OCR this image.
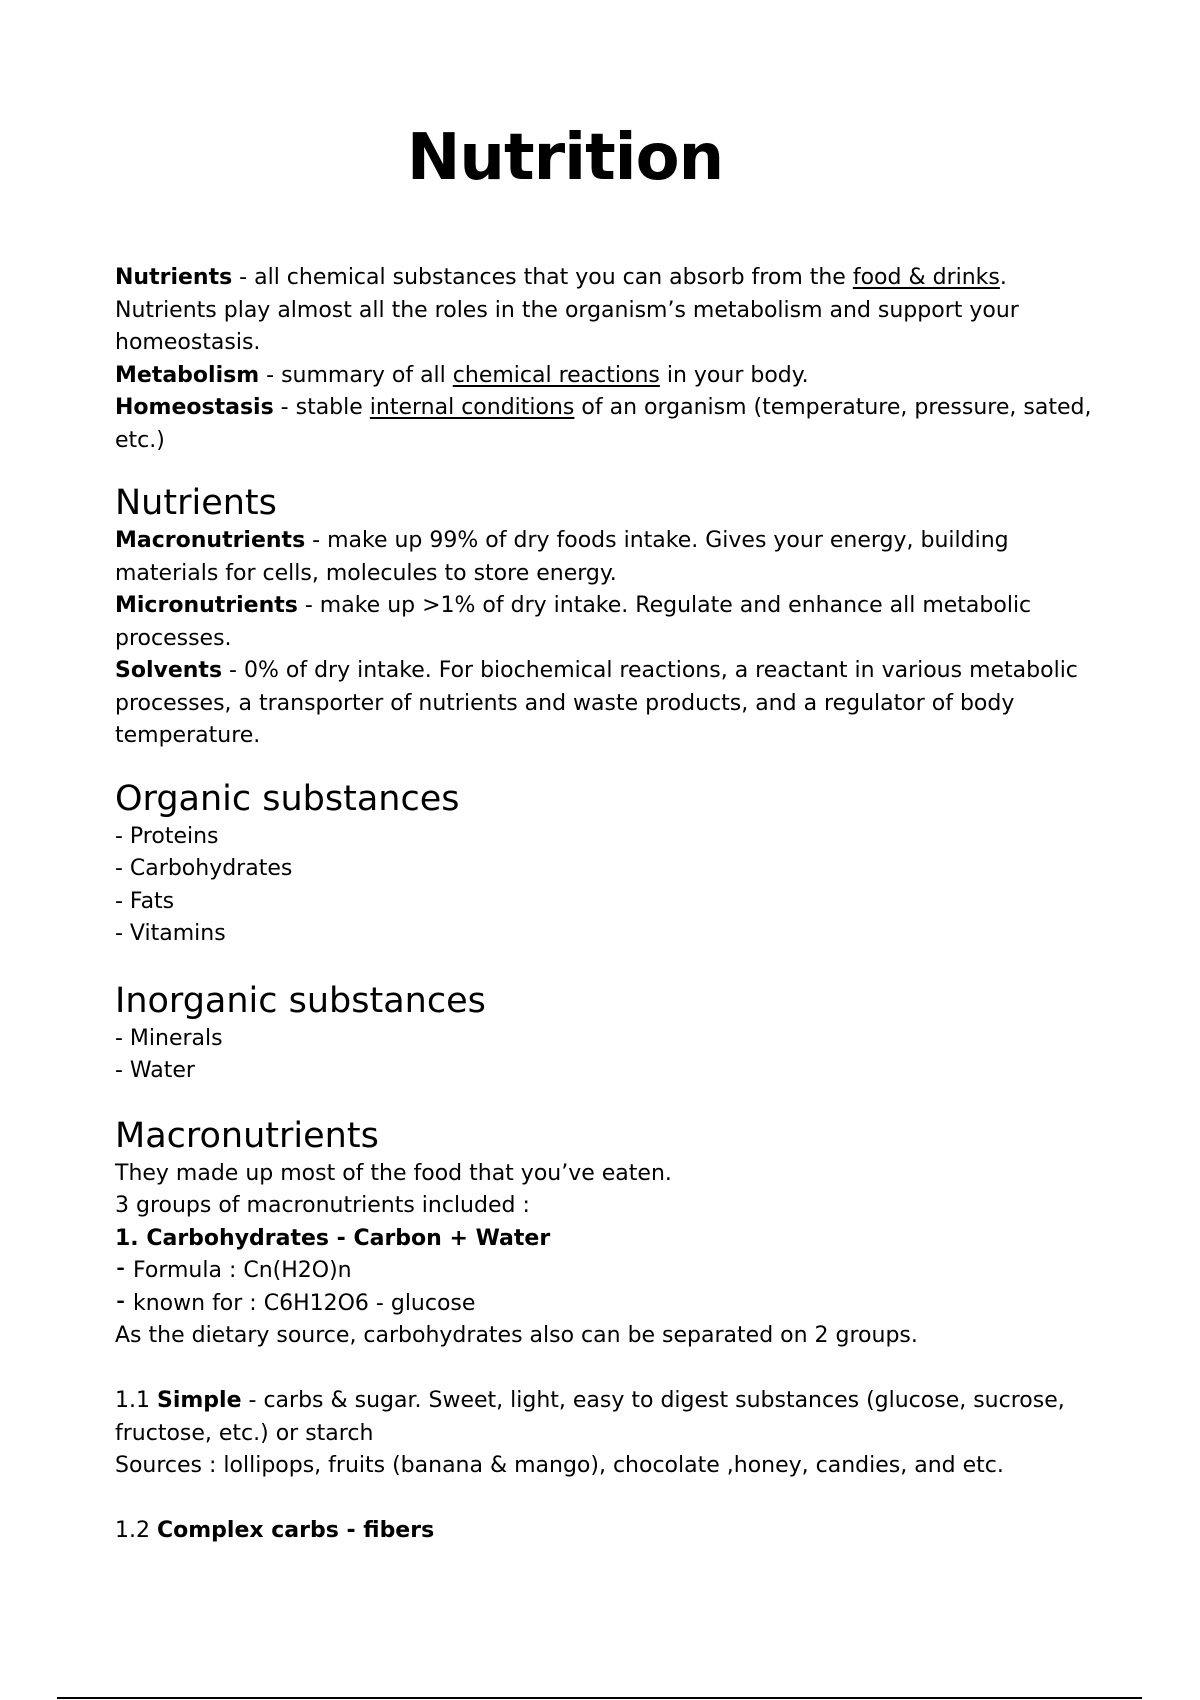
Nutrition

Nutrients - all chemical substances that you can absorb from the food & drinks.

Nutrients play almost all the roles in the organism’s metabolism and support your homeostasis.

Metabolism - summary of all chemical reactions in your body.

Homeostasis - stable internal conditions of an organism (temperature, pressure, sated, etc.)

Nutrients

Macronutrients - make up 99% of dry foods intake. Gives your energy, building materials for cells, molecules to store energy.

Micronutrients - make up >1% of dry intake. Regulate and enhance all metabolic processes.

Solvents - 0% of dry intake. For biochemical reactions, a reactant in various metabolic processes, a transporter of nutrients and waste products, and a regulator of body temperature.

Organic substances

- Proteins

- Carbohydrates

- Fats

- Vitamins

Inorganic substances

- Minerals

- Water

Macronutrients

They made up most of the food that you’ve eaten.

3 groups of macronutrients included :

1. Carbohydrates - Carbon + Water

⁃ Formula : Cn(H2O)n

⁃ known for : C6H12O6 - glucose

As the dietary source, carbohydrates also can be separated on 2 groups.

1.1 Simple - carbs & sugar. Sweet, light, easy to digest substances (glucose, sucrose, fructose, etc.) or starch

Sources : lollipops, fruits (banana & mango), chocolate ,honey, candies, and etc.

1.2 Complex carbs - fibers
